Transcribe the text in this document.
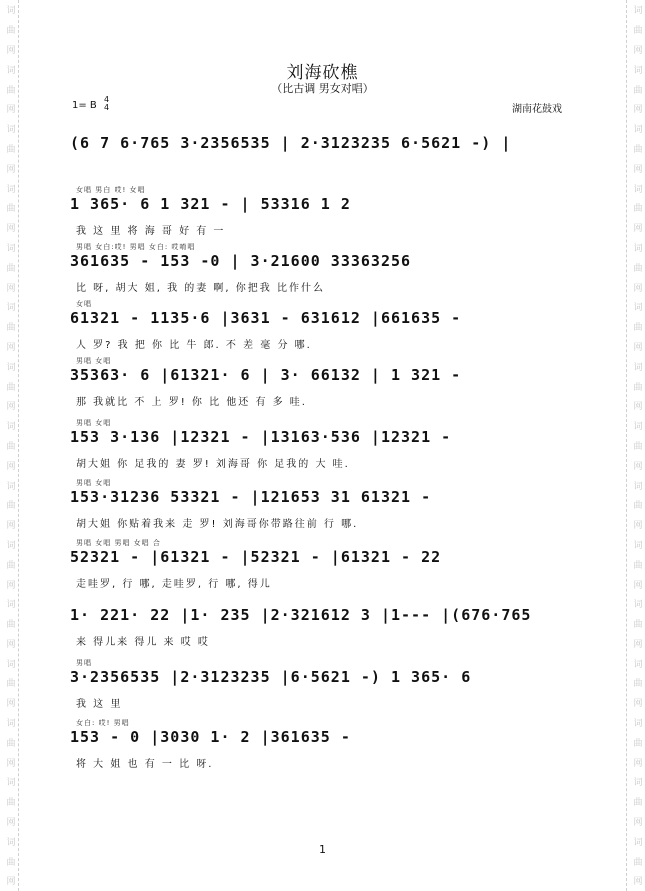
词
曲
网
词
曲
网
词
曲
网
词
曲
网
词
曲
网
词
曲
网
词
曲
网
词
曲
网
词
曲
网
词
曲
网
词
曲
网
词
曲
网
词
曲
网
词
曲
网
词
曲
网
词
曲
网
词
曲
网
词
曲
网
词
曲
网
词
曲
网
词
曲
网
词
曲
网
词
曲
网
词
曲
网
词
曲
网
词
曲
网
词
曲
网
词
曲
网
词
曲
网
词
曲
网
刘海砍樵
（比古调 男女对唱）
1= B
4
4	湖南花鼓戏
(6 7 6·765 3·2356535 | 2·3123235 6·5621 -) |
女唱 男白 哎! 女唱
1 365· 6 1 321 - | 53316 1 2
我 这 里 将 海 哥 好 有 一
男唱 女白:哎! 男唱 女白: 哎唷唱
361635 - 153 -0 | 3·21600 33363256
比 呀, 胡大 姐, 我 的妻 啊, 你把我 比作什么
女唱
61321 - 1135·6 |3631 - 631612 |661635 -
人 罗? 我 把 你 比 牛 郎. 不 差 毫 分 哪.
男唱 女唱
35363· 6 |61321· 6 | 3· 66132 | 1 321 -
那 我就比 不 上 罗! 你 比 他还 有 多 哇.
男唱 女唱
153 3·136 |12321 - |13163·536 |12321 -
胡大姐 你 足我的 妻 罗! 刘海哥 你 足我的 大 哇.
男唱 女唱
153·31236 53321 - |121653 31 61321 -
胡大姐 你贴着我来 走 罗! 刘海哥你带路往前 行 哪.
男唱 女唱 男唱 女唱 合
52321 - |61321 - |52321 - |61321 - 22
走哇罗, 行 哪, 走哇罗, 行 哪, 得儿
1· 221· 22 |1· 235 |2·321612 3 |1--- |(676·765
来 得儿来 得儿 来 哎 哎
男唱
3·2356535 |2·3123235 |6·5621 -) 1 365· 6
我 这 里
女白: 哎! 男唱
153 - 0 |3030 1· 2 |361635 -
将 大 姐 也 有 一 比 呀.
1
